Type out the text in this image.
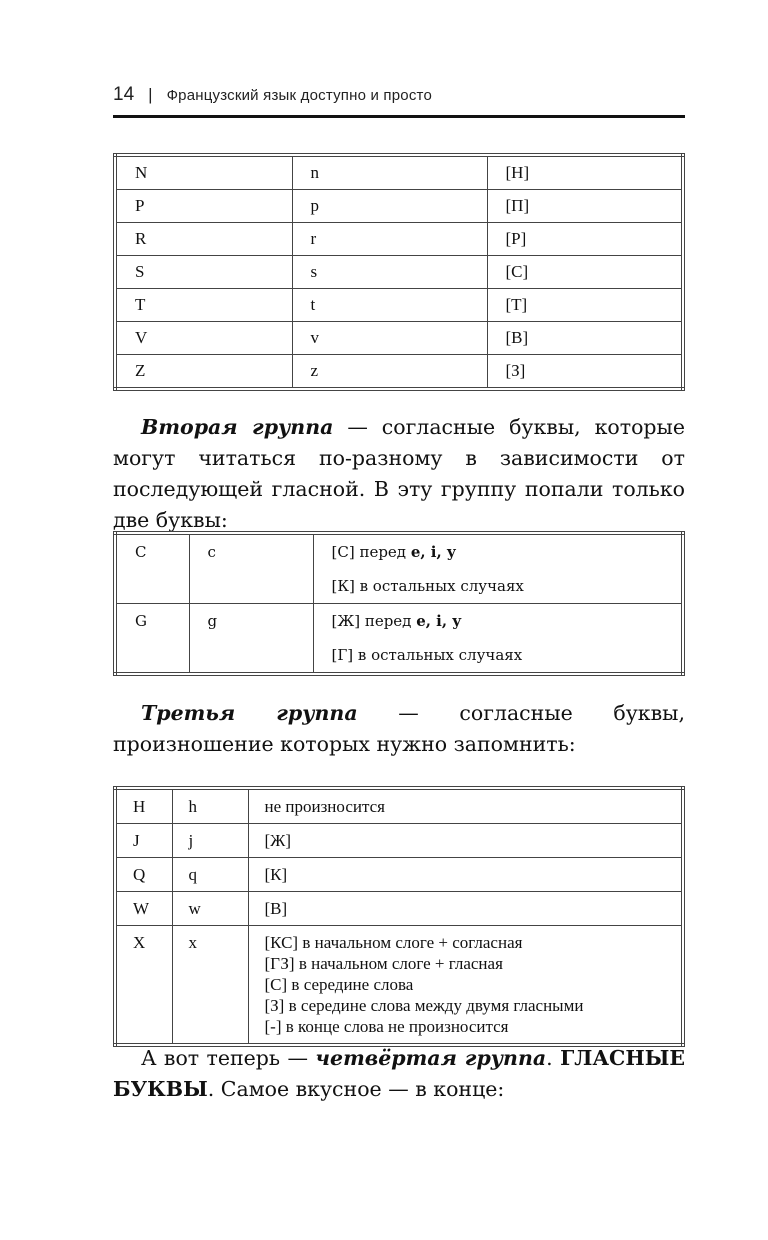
14 | Французский язык доступно и просто
N	n	[Н]
P	p	[П]
R	r	[Р]
S	s	[С]
T	t	[Т]
V	v	[В]
Z	z	[З]

Вторая группа — согласные буквы, которые могут читаться по-разному в зависимости от последующей гласной. В эту группу попали только две буквы:

C	c	[С] перед e, i, y
[К] в остальных случаях

G	g	[Ж] перед e, i, y
[Г] в остальных случаях

Третья группа — согласные буквы, произношение которых нужно запомнить:

H	h	не произносится

J	j	[Ж]

Q	q	[К]

W	w	[В]

X	x	[КС] в начальном слоге + согласная
[ГЗ] в начальном слоге + гласная
[С] в середине слова
[З] в середине слова между двумя гласными
[-] в конце слова не произносится

А вот теперь — четвёртая группа. ГЛАСНЫЕ БУКВЫ. Самое вкусное — в конце:
